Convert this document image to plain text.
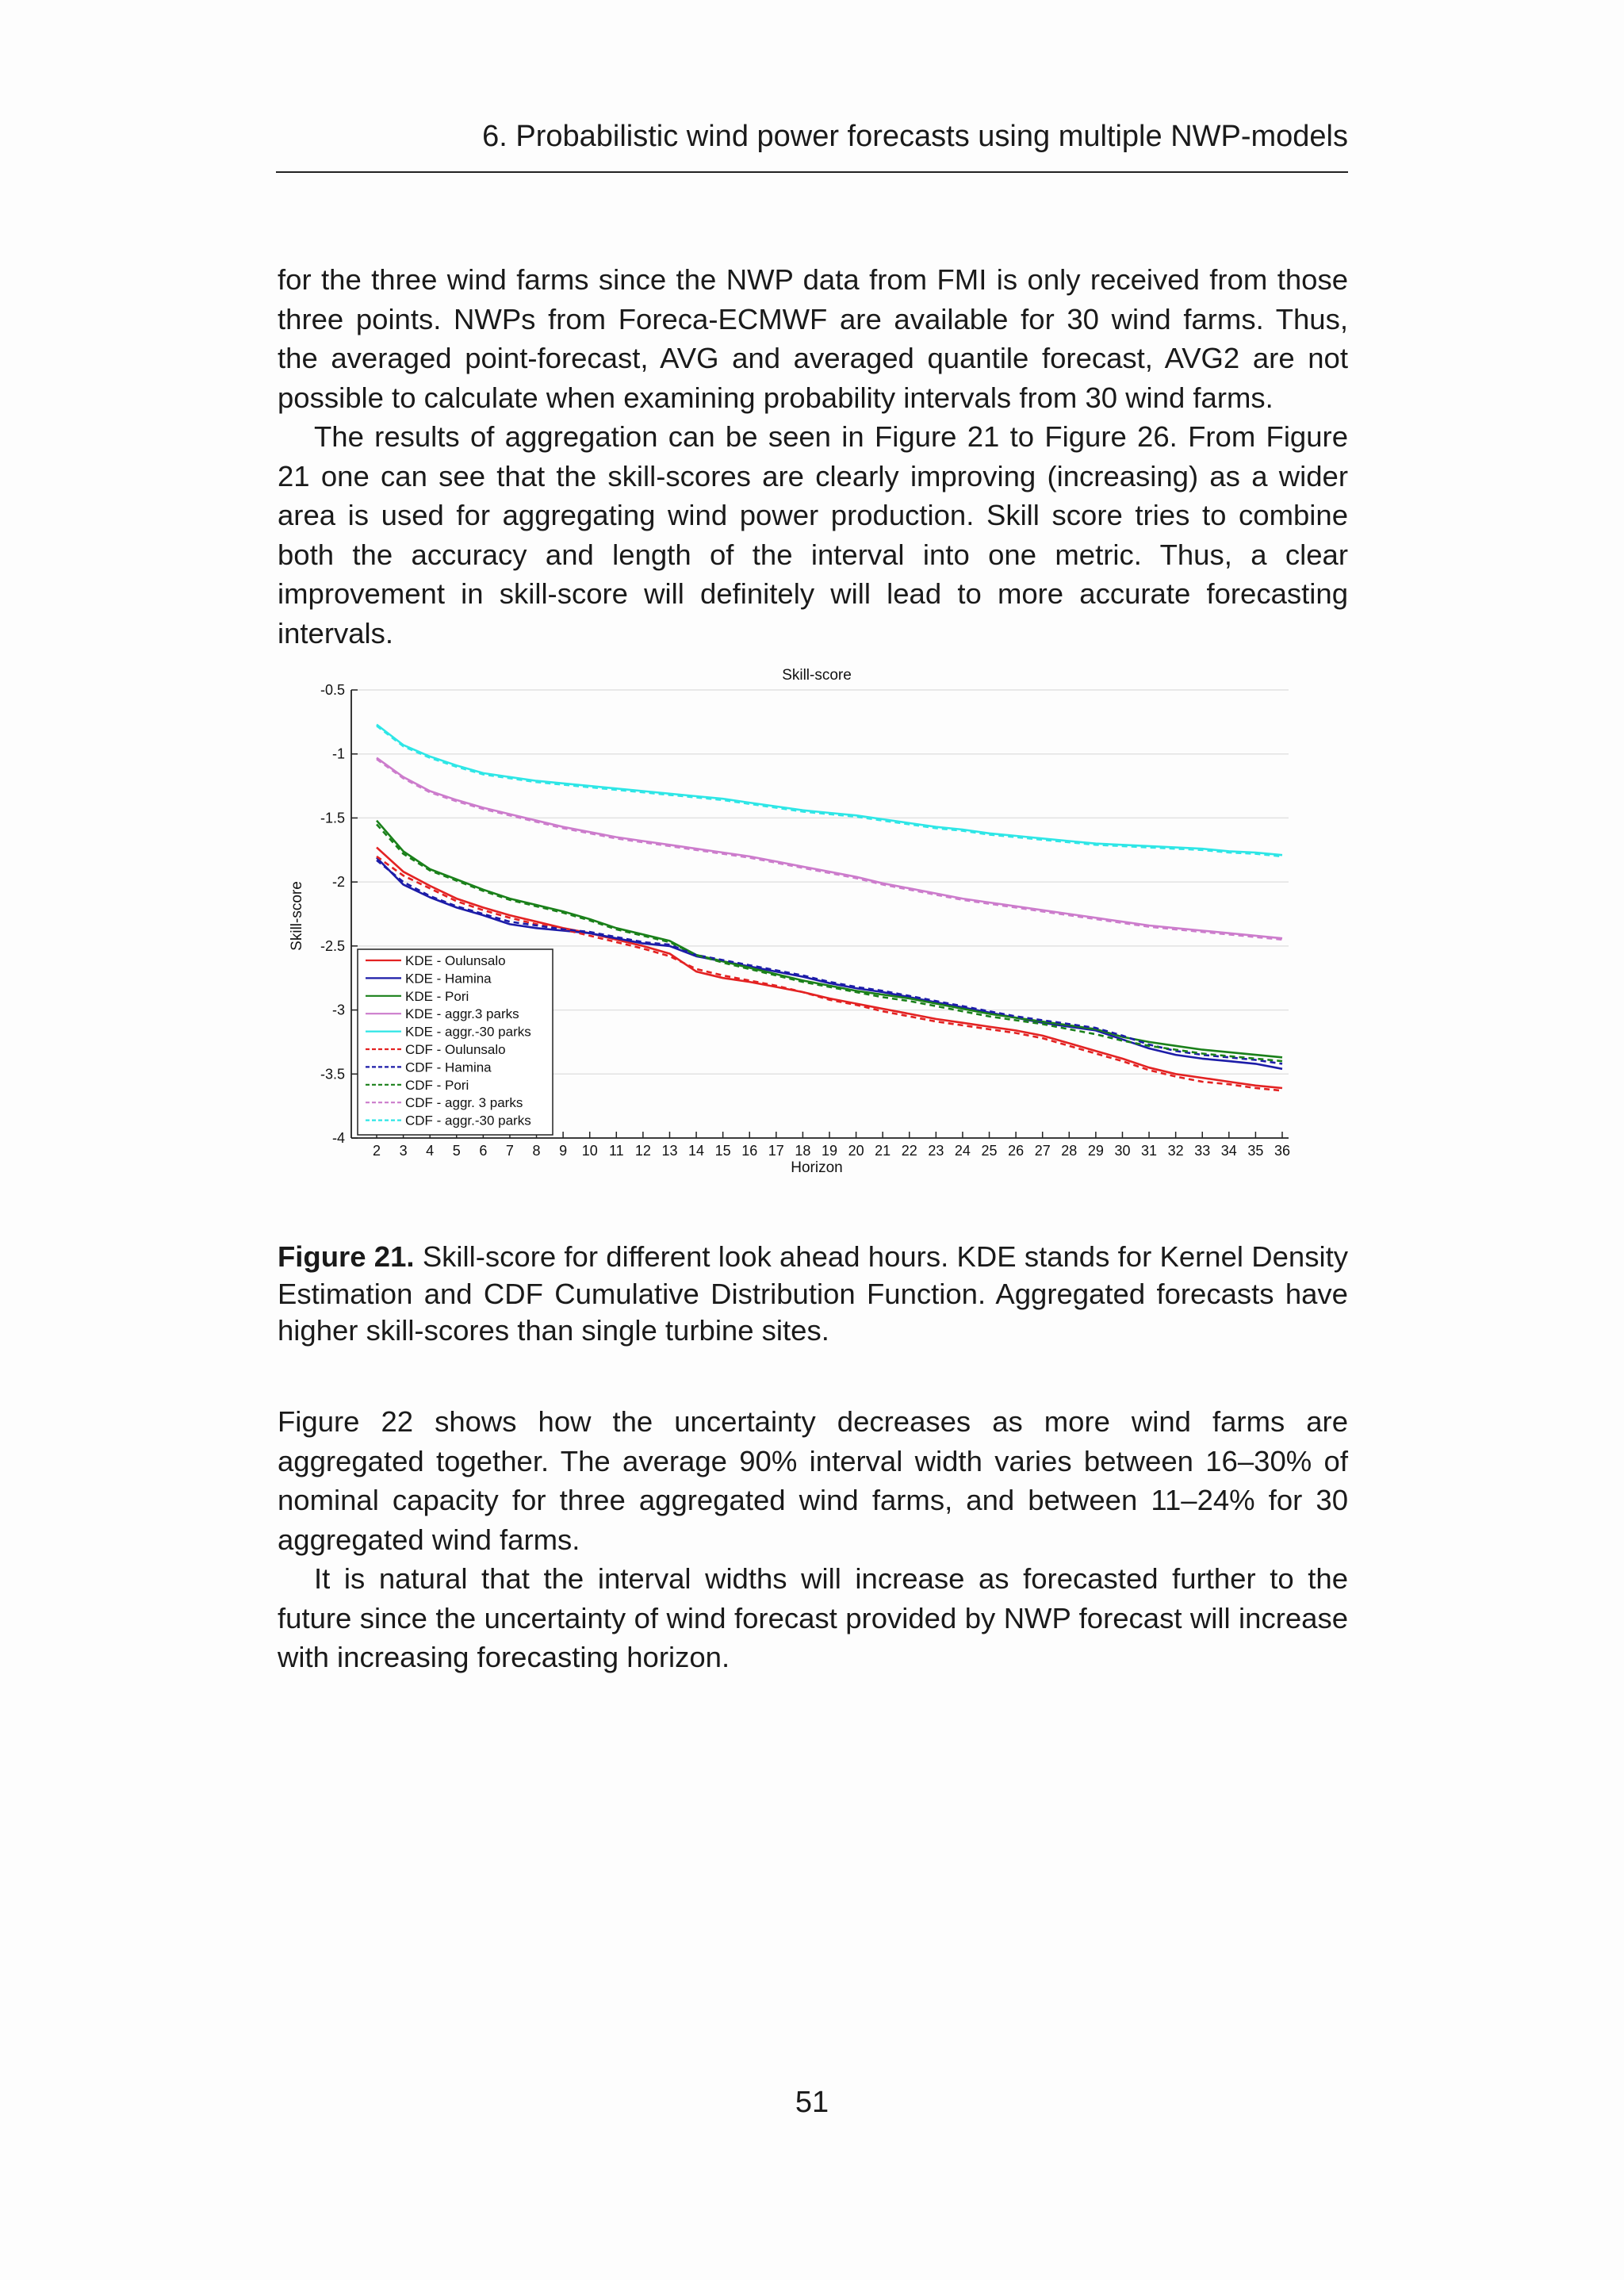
6. Probabilistic wind power forecasts using multiple NWP-models

for the three wind farms since the NWP data from FMI is only received from those three points. NWPs from Foreca-ECMWF are available for 30 wind farms. Thus, the averaged point-forecast, AVG and averaged quantile forecast, AVG2 are not possible to calculate when examining probability intervals from 30 wind farms.

The results of aggregation can be seen in Figure 21 to Figure 26. From Figure 21 one can see that the skill-scores are clearly improving (increasing) as a wider area is used for aggregating wind power production. Skill score tries to combine both the accuracy and length of the interval into one metric. Thus, a clear improvement in skill-score will definitely will lead to more accurate forecasting intervals.

-0.5
-1
-1.5
-2
-2.5
-3
-3.5
-4
2 3 4 5 6 7 8 9 10 11 12 13 14 15 16 17 18 19 20 21 22 23 24 25 26 27 28 29 30 31 32 33 34 35 36
KDE - Oulunsalo
KDE - Hamina
KDE - Pori
KDE - aggr.3 parks
KDE - aggr.-30 parks
CDF - Oulunsalo
CDF - Hamina
CDF - Pori
CDF - aggr. 3 parks
CDF - aggr.-30 parks
Skill-score
Horizon
Skill-score
Figure 21. Skill-score for different look ahead hours. KDE stands for Kernel Density Estimation and CDF Cumulative Distribution Function. Aggregated forecasts have higher skill-scores than single turbine sites.

Figure 22 shows how the uncertainty decreases as more wind farms are aggregated together. The average 90% interval width varies between 16–30% of nominal capacity for three aggregated wind farms, and between 11–24% for 30 aggregated wind farms.

It is natural that the interval widths will increase as forecasted further to the future since the uncertainty of wind forecast provided by NWP forecast will increase with increasing forecasting horizon.

51
